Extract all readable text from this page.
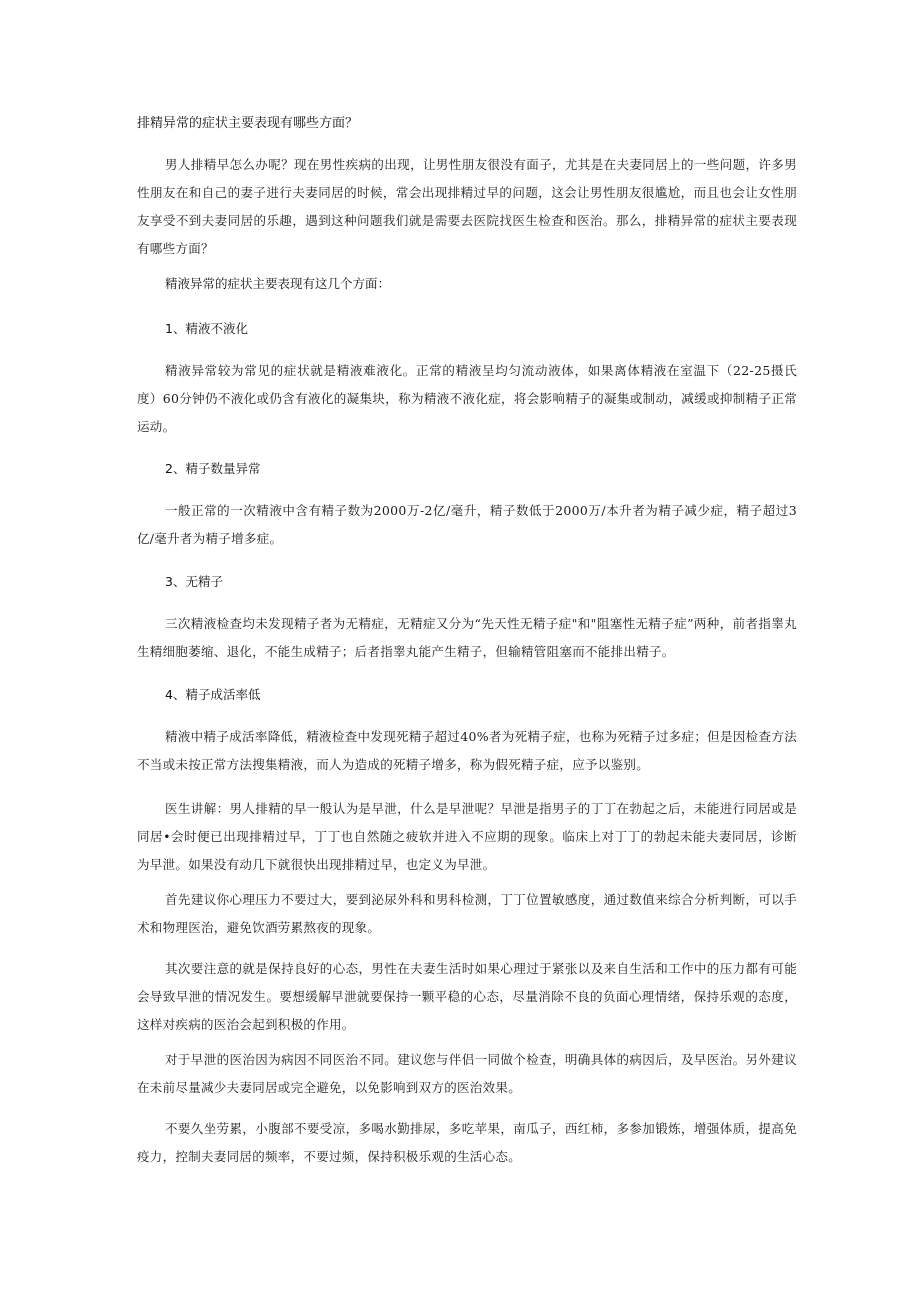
排精异常的症状主要表现有哪些方面？

男人排精早怎么办呢？现在男性疾病的出现，让男性朋友很没有面子，尤其是在夫妻同居上的一些问题，许多男性朋友在和自己的妻子进行夫妻同居的时候，常会出现排精过早的问题，这会让男性朋友很尴尬，而且也会让女性朋友享受不到夫妻同居的乐趣，遇到这种问题我们就是需要去医院找医生检查和医治。那么，排精异常的症状主要表现有哪些方面？

精液异常的症状主要表现有这几个方面：

1、精液不液化

精液异常较为常见的症状就是精液难液化。正常的精液呈均匀流动液体，如果离体精液在室温下（22-25摄氏度）60分钟仍不液化或仍含有液化的凝集块，称为精液不液化症，将会影响精子的凝集或制动，减缓或抑制精子正常运动。

2、精子数量异常

一般正常的一次精液中含有精子数为2000万-2亿/毫升，精子数低于2000万/本升者为精子减少症，精子超过3亿/毫升者为精子增多症。

3、无精子

三次精液检查均未发现精子者为无精症，无精症又分为“先天性无精子症"和"阻塞性无精子症”两种，前者指睾丸生精细胞萎缩、退化，不能生成精子；后者指睾丸能产生精子，但输精管阻塞而不能排出精子。

4、精子成活率低

精液中精子成活率降低，精液检查中发现死精子超过40%者为死精子症，也称为死精子过多症；但是因检查方法不当或未按正常方法搜集精液，而人为造成的死精子增多，称为假死精子症，应予以鉴别。

医生讲解：男人排精的早一般认为是早泄，什么是早泄呢？早泄是指男子的丁丁在勃起之后，未能进行同居或是同居•会时便已出现排精过早，丁丁也自然随之疲软并进入不应期的现象。临床上对丁丁的勃起未能夫妻同居，诊断为早泄。如果没有动几下就很快出现排精过早，也定义为早泄。

首先建议你心理压力不要过大，要到泌尿外科和男科检测，丁丁位置敏感度，通过数值来综合分析判断，可以手术和物理医治，避免饮酒劳累熬夜的现象。

其次要注意的就是保持良好的心态，男性在夫妻生活时如果心理过于紧张以及来自生活和工作中的压力都有可能会导致早泄的情况发生。要想缓解早泄就要保持一颗平稳的心态，尽量消除不良的负面心理情绪，保持乐观的态度，这样对疾病的医治会起到积极的作用。

对于早泄的医治因为病因不同医治不同。建议您与伴侣一同做个检查，明确具体的病因后，及早医治。另外建议在未前尽量减少夫妻同居或完全避免，以免影响到双方的医治效果。

不要久坐劳累，小腹部不要受凉，多喝水勤排尿，多吃苹果，南瓜子，西红柿，多参加锻炼，增强体质，提高免疫力，控制夫妻同居的频率，不要过频，保持积极乐观的生活心态。
